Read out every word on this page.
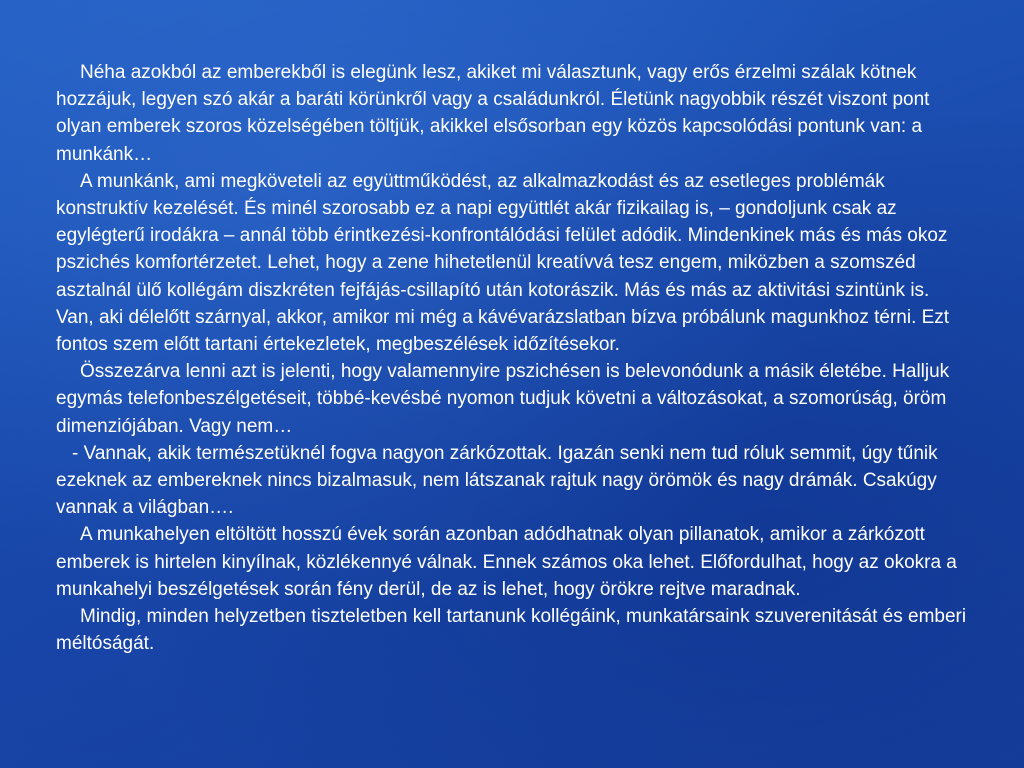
Néha azokból az emberekből is elegünk lesz, akiket mi választunk, vagy erős érzelmi szálak kötnek hozzájuk, legyen szó akár a baráti körünkről vagy a családunkról. Életünk nagyobbik részét viszont pont olyan emberek szoros közelségében töltjük, akikkel elsősorban egy közös kapcsolódási pontunk van: a munkánk…

A munkánk, ami megköveteli az együttműködést, az alkalmazkodást és az esetleges problémák konstruktív kezelését. És minél szorosabb ez a napi együttlét akár fizikailag is, – gondoljunk csak az egylégterű irodákra – annál több érintkezési-konfrontálódási felület adódik. Mindenkinek más és más okoz pszichés komfortérzetet. Lehet, hogy a zene hihetetlenül kreatívvá tesz engem, miközben a szomszéd asztalnál ülő kollégám diszkréten fejfájás-csillapító után kotorászik. Más és más az aktivitási szintünk is. Van, aki délelőtt szárnyal, akkor, amikor mi még a kávévarázslatban bízva próbálunk magunkhoz térni. Ezt fontos szem előtt tartani értekezletek, megbeszélések időzítésekor.

Összezárva lenni azt is jelenti, hogy valamennyire pszichésen is belevonódunk a másik életébe. Halljuk egymás telefonbeszélgetéseit, többé-kevésbé nyomon tudjuk követni a változásokat, a szomorúság, öröm dimenziójában. Vagy nem…

- Vannak, akik természetüknél fogva nagyon zárkózottak. Igazán senki nem tud róluk semmit, úgy tűnik ezeknek az embereknek nincs bizalmasuk, nem látszanak rajtuk nagy örömök és nagy drámák. Csakúgy vannak a világban….

A munkahelyen eltöltött hosszú évek során azonban adódhatnak olyan pillanatok, amikor a zárkózott emberek is hirtelen kinyílnak, közlékennyé válnak. Ennek számos oka lehet. Előfordulhat, hogy az okokra a munkahelyi beszélgetések során fény derül, de az is lehet, hogy örökre rejtve maradnak.

Mindig, minden helyzetben tiszteletben kell tartanunk kollégáink, munkatársaink szuverenitását és emberi méltóságát.
